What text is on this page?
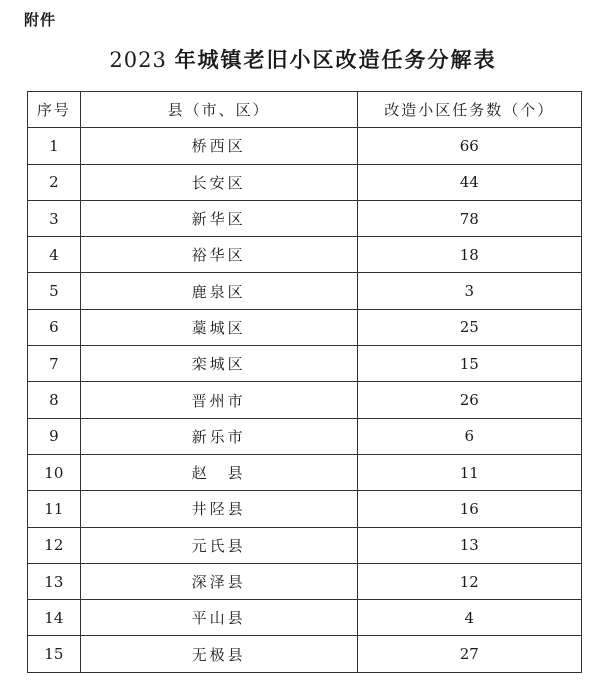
附件
2023 年城镇老旧小区改造任务分解表
序号	县（市、区）	改造小区任务数（个）
1	桥西区	66
2	长安区	44
3	新华区	78
4	裕华区	18
5	鹿泉区	3
6	藁城区	25
7	栾城区	15
8	晋州市	26
9	新乐市	6
10	赵　县	11
11	井陉县	16
12	元氏县	13
13	深泽县	12
14	平山县	4
15	无极县	27
